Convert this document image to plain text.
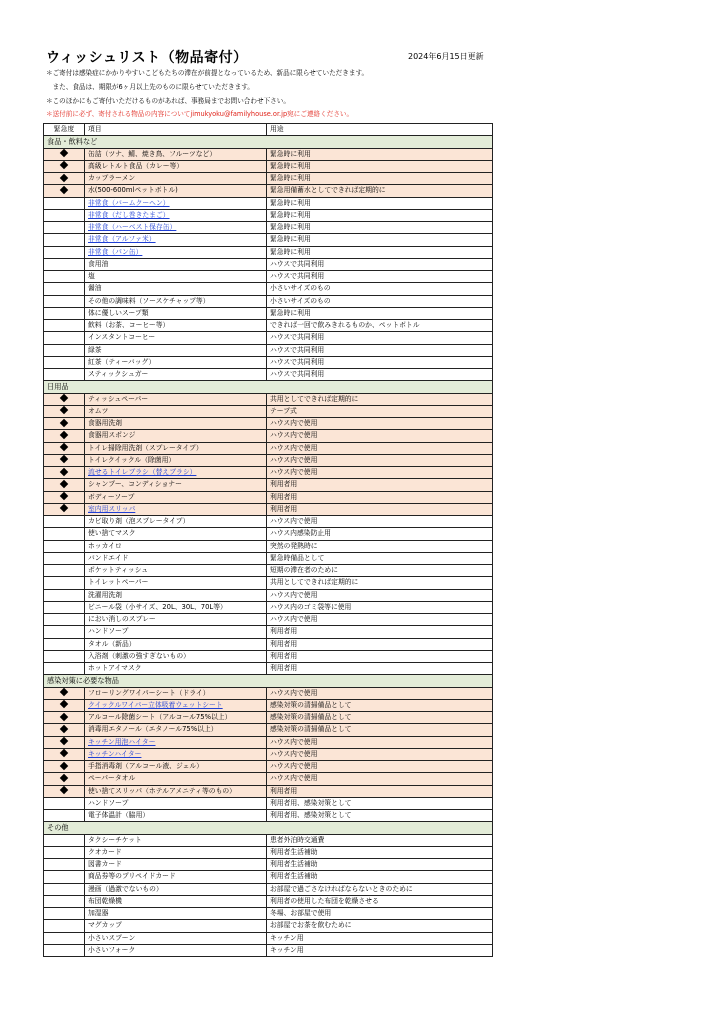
ウィッシュリスト（物品寄付）	2024年6月15日更新
＊ご寄付は感染症にかかりやすいこどもたちの滞在が前提となっているため、新品に限らせていただきます。
　また、食品は、期限が6ヶ月以上先のものに限らせていただきます。
＊このほかにもご寄付いただけるものがあれば、事務局までお問い合わせ下さい。
＊送付前に必ず、寄付される物品の内容についてjimukyoku@familyhouse.or.jp宛にご連絡ください。
緊急度	項目	用途
食品・飲料など		
	缶詰（ツナ、鯖、焼き鳥、フルーツなど）	緊急時に利用
	高級レトルト食品（カレー等）	緊急時に利用
	カップラーメン	緊急時に利用
	水(500-600mlペットボトル)	緊急用備蓄水としてできれば定期的に
	非常食（バームクーヘン）	緊急時に利用
	非常食（だし巻きたまご）	緊急時に利用
	非常食（ハーベスト保存缶）	緊急時に利用
	非常食（アルファ米）	緊急時に利用
	非常食（パン缶）	緊急時に利用
	食用油	ハウスで共同利用
	塩	ハウスで共同利用
	醤油	小さいサイズのもの
	その他の調味料（ソースケチャップ等）	小さいサイズのもの
	体に優しいスープ類	緊急時に利用
	飲料（お茶、コーヒー等）	できれば一回で飲みきれるものか、ペットボトル
	インスタントコーヒー	ハウスで共同利用
	緑茶	ハウスで共同利用
	紅茶（ティーバッグ）	ハウスで共同利用
	スティックシュガー	ハウスで共同利用
日用品		
	ティッシュペーパー	共用としてできれば定期的に
	オムツ	テープ式
	食器用洗剤	ハウス内で使用
	食器用スポンジ	ハウス内で使用
	トイレ掃除用洗剤（スプレータイプ）	ハウス内で使用
	トイレクイックル（除菌用）	ハウス内で使用
	流せるトイレブラシ（替えブラシ）	ハウス内で使用
	シャンプー、コンディショナー	利用者用
	ボディーソープ	利用者用
	室内用スリッパ	利用者用
	カビ取り剤（泡スプレータイプ）	ハウス内で使用
	使い捨てマスク	ハウス内感染防止用
	ホッカイロ	突然の発熱時に
	バンドエイド	緊急時備品として
	ポケットティッシュ	短期の滞在者のために
	トイレットペーパー	共用としてできれば定期的に
	洗濯用洗剤	ハウス内で使用
	ビニール袋（小サイズ、20L、30L、70L等）	ハウス内のゴミ袋等に使用
	におい消しのスプレー	ハウス内で使用
	ハンドソープ	利用者用
	タオル（新品）	利用者用
	入浴剤（刺激の強すぎないもの）	利用者用
	ホットアイマスク	利用者用
感染対策に必要な物品		
	フローリングワイパーシート（ドライ）	ハウス内で使用
	クイックルワイパー立体吸着ウェットシート	感染対策の清掃備品として
	アルコール除菌シート（アルコール75%以上）	感染対策の清掃備品として
	消毒用エタノール（エタノール75%以上）	感染対策の清掃備品として
	キッチン用泡ハイター	ハウス内で使用
	キッチンハイター	ハウス内で使用
	手指消毒剤（アルコール液、ジェル）	ハウス内で使用
	ペーパータオル	ハウス内で使用
	使い捨てスリッパ（ホテルアメニティ等のもの）	利用者用
	ハンドソープ	利用者用、感染対策として
	電子体温計（脇用）	利用者用、感染対策として
その他		
	タクシーチケット	患者外泊時交通費
	クオカード	利用者生活補助
	図書カード	利用者生活補助
	商品券等のプリペイドカード	利用者生活補助
	漫画（過激でないもの）	お部屋で過ごさなければならないときのために
	布団乾燥機	利用者の使用した布団を乾燥させる
	加湿器	冬場、お部屋で使用
	マグカップ	お部屋でお茶を飲むために
	小さいスプーン	キッチン用
	小さいフォーク	キッチン用
